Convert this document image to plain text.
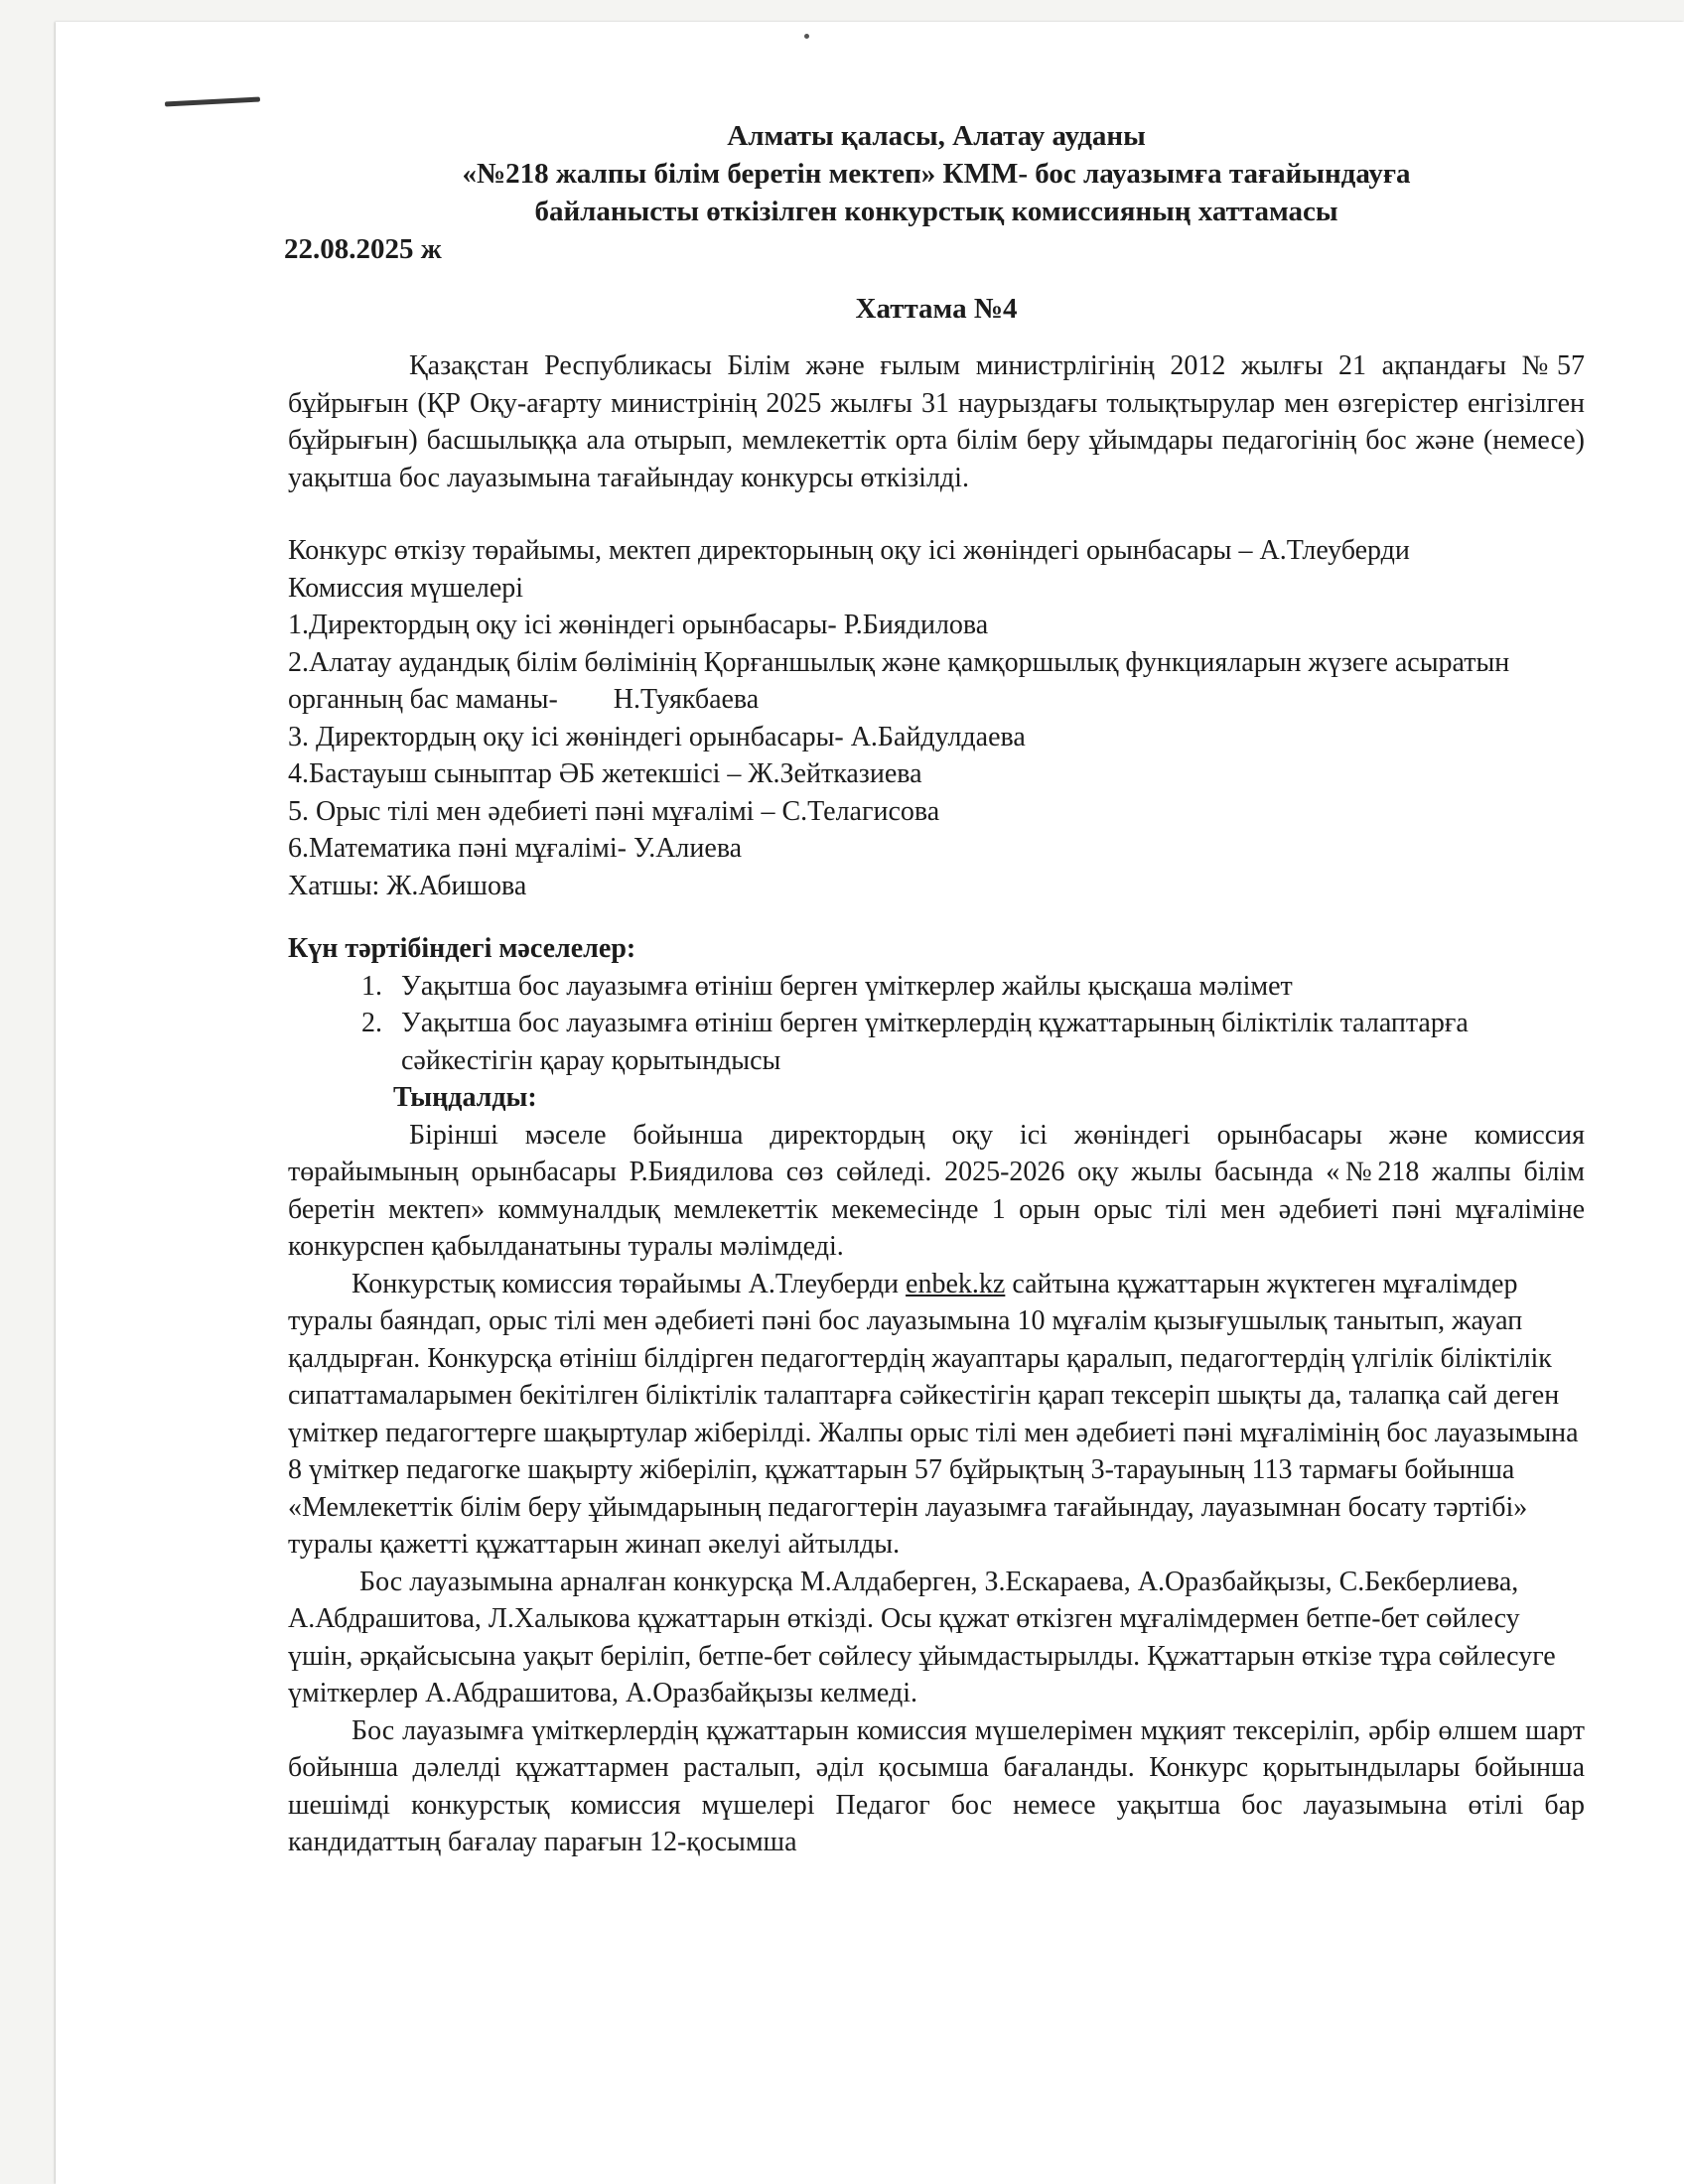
Алматы қаласы, Алатау ауданы
«№218 жалпы білім беретін мектеп» КММ- бос лауазымға тағайындауға
байланысты өткізілген конкурстық комиссияның хаттамасы

22.08.2025 ж

Хаттама №4

Қазақстан Республикасы Білім және ғылым министрлігінің 2012 жылғы 21 ақпандағы №57 бұйрығын (ҚР Оқу-ағарту министрінің 2025 жылғы 31 наурыздағы толықтырулар мен өзгерістер енгізілген бұйрығын) басшылыққа ала отырып, мемлекеттік орта білім беру ұйымдары педагогінің бос және (немесе) уақытша бос лауазымына тағайындау конкурсы өткізілді.

Конкурс өткізу төрайымы, мектеп директорының оқу ісі жөніндегі орынбасары – А.Тлеуберди

Комиссия мүшелері

1.Директордың оқу ісі жөніндегі орынбасары- Р.Биядилова

2.Алатау аудандық білім бөлімінің Қорғаншылық және қамқоршылық функцияларын жүзеге асыратын органның бас маманы-        Н.Туякбаева

3. Директордың оқу ісі жөніндегі орынбасары- А.Байдулдаева

4.Бастауыш сыныптар ӘБ жетекшісі – Ж.Зейтказиева

5. Орыс тілі мен әдебиеті пәні мұғалімі – С.Телагисова

6.Математика пәні мұғалімі- У.Алиева

Хатшы: Ж.Абишова

Күн тәртібіндегі мәселелер:

1. Уақытша бос лауазымға өтініш берген үміткерлер жайлы қысқаша мәлімет
2. Уақытша бос лауазымға өтініш берген үміткерлердің құжаттарының біліктілік талаптарға сәйкестігін қарау қорытындысы

Тыңдалды:

Бірінші мәселе бойынша директордың оқу ісі жөніндегі орынбасары және комиссия төрайымының орынбасары Р.Биядилова сөз сөйледі. 2025-2026 оқу жылы басында «№218 жалпы білім беретін мектеп» коммуналдық мемлекеттік мекемесінде 1 орын орыс тілі мен әдебиеті пәні мұғаліміне конкурспен қабылданатыны туралы мәлімдеді.

Конкурстық комиссия төрайымы А.Тлеуберди enbek.kz сайтына құжаттарын жүктеген мұғалімдер туралы баяндап, орыс тілі мен әдебиеті пәні бос лауазымына 10 мұғалім қызығушылық танытып, жауап қалдырған. Конкурсқа өтініш білдірген педагогтердің жауаптары қаралып, педагогтердің үлгілік біліктілік сипаттамаларымен бекітілген біліктілік талаптарға сәйкестігін қарап тексеріп шықты да, талапқа сай деген үміткер педагогтерге шақыртулар жіберілді. Жалпы орыс тілі мен әдебиеті пәні мұғалімінің бос лауазымына 8 үміткер педагогке шақырту жіберіліп, құжаттарын 57 бұйрықтың 3-тарауының 113 тармағы бойынша «Мемлекеттік білім беру ұйымдарының педагогтерін лауазымға тағайындау, лауазымнан босату тәртібі» туралы қажетті құжаттарын жинап әкелуі айтылды.

Бос лауазымына арналған конкурсқа М.Алдаберген, З.Ескараева, А.Оразбайқызы, С.Бекберлиева, А.Абдрашитова, Л.Халыкова құжаттарын өткізді. Осы құжат өткізген мұғалімдермен бетпе-бет сөйлесу үшін, әрқайсысына уақыт беріліп, бетпе-бет сөйлесу ұйымдастырылды. Құжаттарын өткізе тұра сөйлесуге үміткерлер А.Абдрашитова, А.Оразбайқызы келмеді.

Бос лауазымға үміткерлердің құжаттарын комиссия мүшелерімен мұқият тексеріліп, әрбір өлшем шарт бойынша дәлелді құжаттармен расталып, әділ қосымша бағаланды. Конкурс қорытындылары бойынша шешімді конкурстық комиссия мүшелері Педагог бос немесе уақытша бос лауазымына өтілі бар кандидаттың бағалау парағын 12-қосымша
